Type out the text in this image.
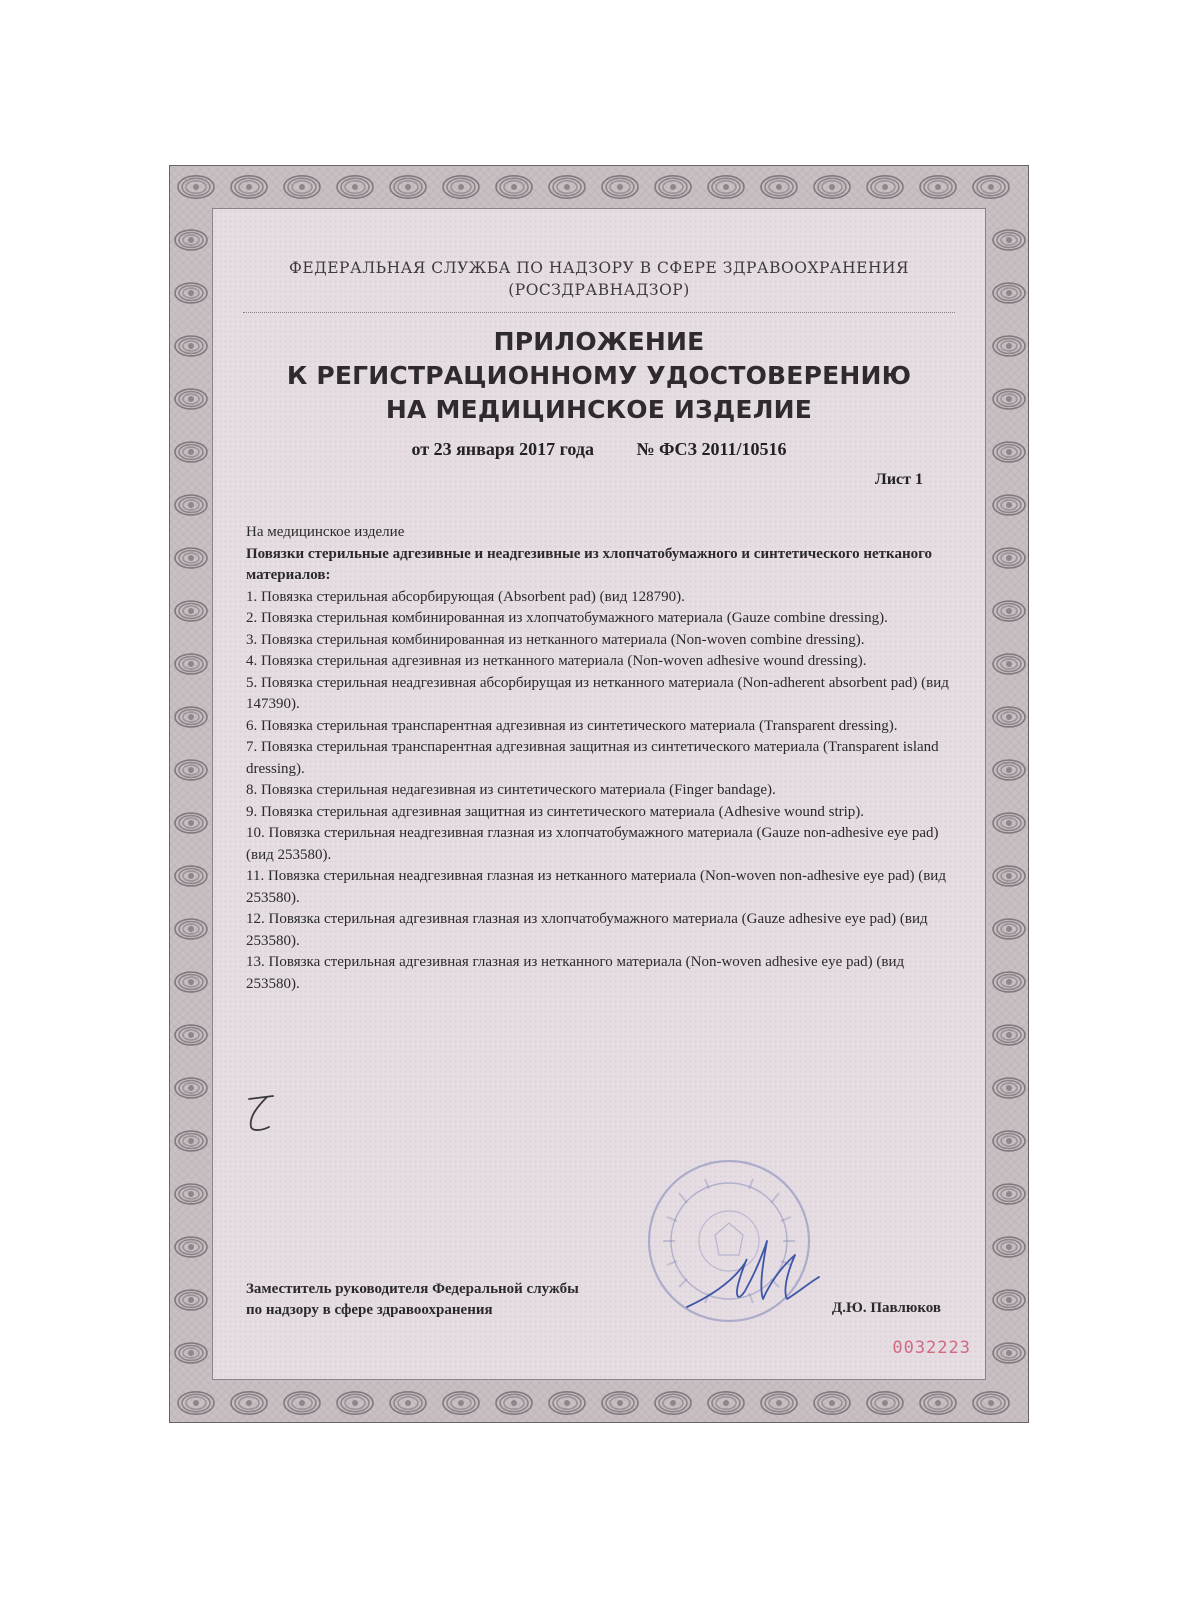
ФЕДЕРАЛЬНАЯ СЛУЖБА ПО НАДЗОРУ В СФЕРЕ ЗДРАВООХРАНЕНИЯ
(РОСЗДРАВНАДЗОР)
ПРИЛОЖЕНИЕ
К РЕГИСТРАЦИОННОМУ УДОСТОВЕРЕНИЮ
НА МЕДИЦИНСКОЕ ИЗДЕЛИЕ
от 23 января 2017 года № ФСЗ 2011/10516
Лист 1

На медицинское изделие

Повязки стерильные адгезивные и неадгезивные из хлопчатобумажного и синтетического нетканого материалов:

1. Повязка стерильная абсорбирующая (Absorbent pad) (вид 128790).
2. Повязка стерильная комбинированная из хлопчатобумажного материала (Gauze combine dressing).
3. Повязка стерильная комбинированная из нетканного материала (Non-woven combine dressing).
4. Повязка стерильная адгезивная из нетканного материала (Non-woven adhesive wound dressing).
5. Повязка стерильная неадгезивная абсорбирущая из нетканного материала (Non-adherent absorbent pad) (вид 147390).
6. Повязка стерильная транспарентная адгезивная из синтетического материала (Transparent dressing).
7. Повязка стерильная транспарентная адгезивная защитная из синтетического материала (Transparent island dressing).
8. Повязка стерильная недагезивная из синтетического материала (Finger bandage).
9. Повязка стерильная адгезивная защитная из синтетического материала (Adhesive wound strip).
10. Повязка стерильная неадгезивная глазная из хлопчатобумажного материала (Gauze non-adhesive eye pad) (вид 253580).
11. Повязка стерильная неадгезивная глазная из нетканного материала (Non-woven non-adhesive eye pad) (вид 253580).
12. Повязка стерильная адгезивная глазная из хлопчатобумажного материала (Gauze adhesive eye pad) (вид 253580).
13. Повязка стерильная адгезивная глазная из нетканного материала (Non-woven adhesive eye pad) (вид 253580).
Заместитель руководителя Федеральной службы
по надзору в сфере здравоохранения	Д.Ю. Павлюков
0032223
